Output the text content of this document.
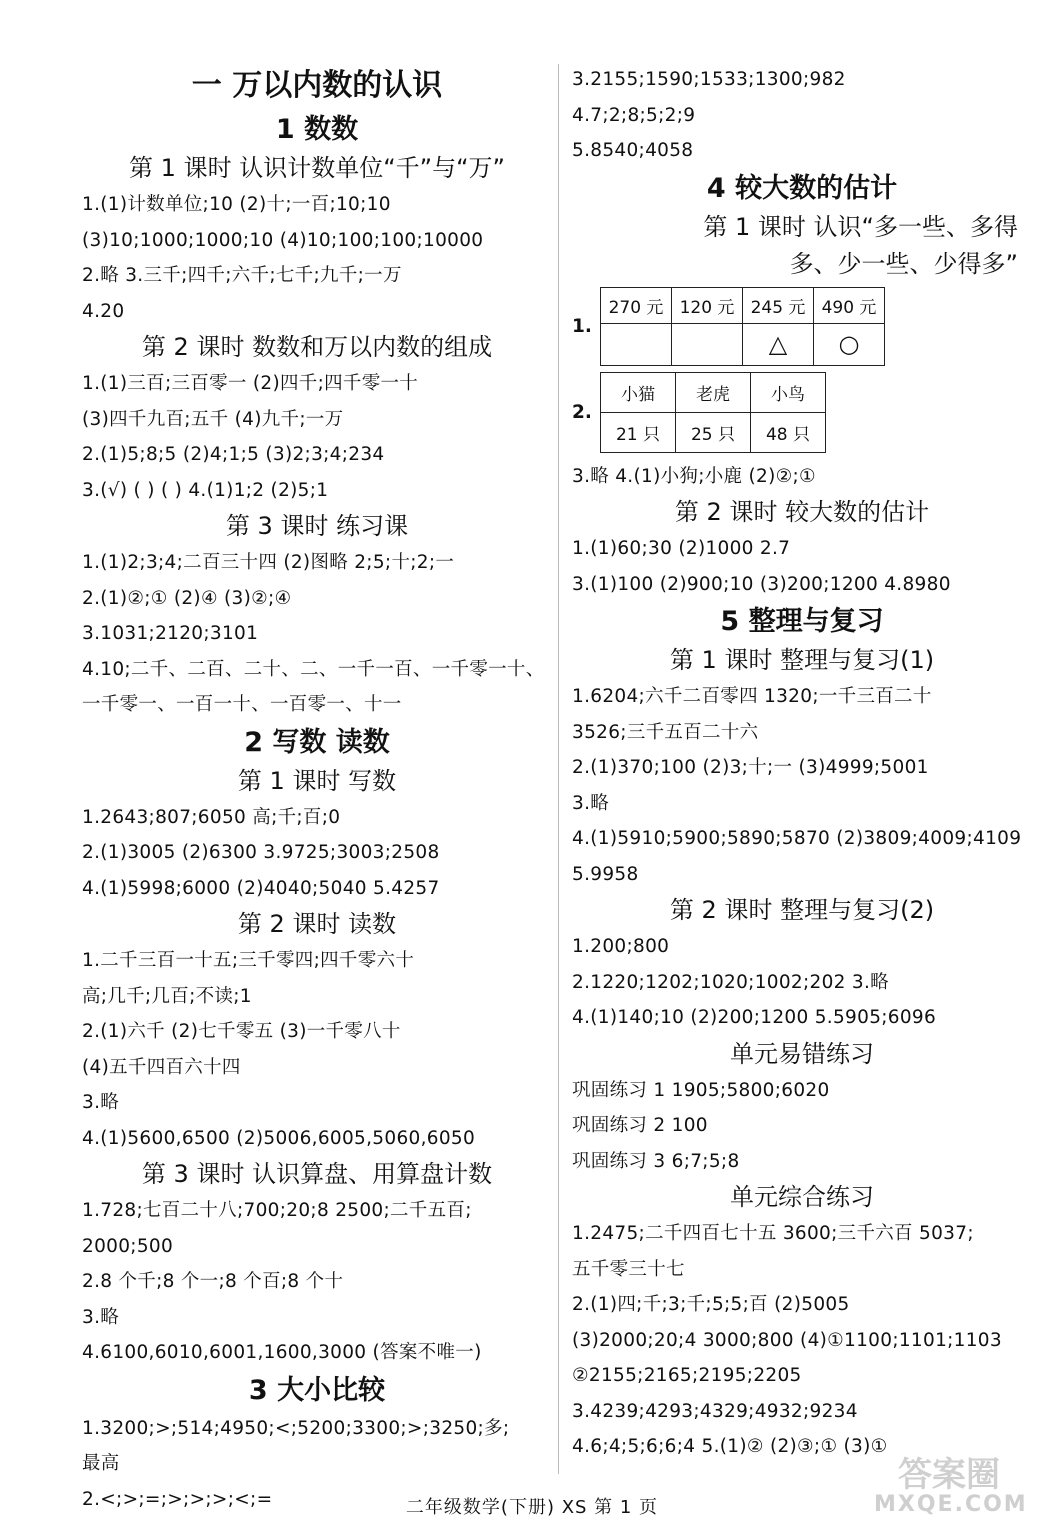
一 万以内数的认识
1 数数
第 1 课时 认识计数单位“千”与“万”
1.(1)计数单位;10 (2)十;一百;10;10
(3)10;1000;1000;10 (4)10;100;100;10000
2.略 3.三千;四千;六千;七千;九千;一万
4.20
第 2 课时 数数和万以内数的组成
1.(1)三百;三百零一 (2)四千;四千零一十
(3)四千九百;五千 (4)九千;一万
2.(1)5;8;5 (2)4;1;5 (3)2;3;4;234
3.(√) ( ) ( ) 4.(1)1;2 (2)5;1
第 3 课时 练习课
1.(1)2;3;4;二百三十四 (2)图略 2;5;十;2;一
2.(1)②;① (2)④ (3)②;④
3.1031;2120;3101
4.10;二千、二百、二十、二、一千一百、一千零一十、
一千零一、一百一十、一百零一、十一
2 写数 读数
第 1 课时 写数
1.2643;807;6050 高;千;百;0
2.(1)3005 (2)6300 3.9725;3003;2508
4.(1)5998;6000 (2)4040;5040 5.4257
第 2 课时 读数
1.二千三百一十五;三千零四;四千零六十
高;几千;几百;不读;1
2.(1)六千 (2)七千零五 (3)一千零八十
(4)五千四百六十四
3.略
4.(1)5600,6500 (2)5006,6005,5060,6050
第 3 课时 认识算盘、用算盘计数
1.728;七百二十八;700;20;8 2500;二千五百;
2000;500
2.8 个千;8 个一;8 个百;8 个十
3.略
4.6100,6010,6001,1600,3000 (答案不唯一)
3 大小比较
1.3200;>;514;4950;<;5200;3300;>;3250;多;
最高
2.<;>;=;>;>;>;<;=
3.2155;1590;1533;1300;982
4.7;2;8;5;2;9
5.8540;4058
4 较大数的估计
第 1 课时 认识“多一些、多得
多、少一些、少得多”
1.
270 元	120 元	245 元	490 元
		△	○
2.
小猫	老虎	小鸟
21 只	25 只	48 只
3.略 4.(1)小狗;小鹿 (2)②;①
第 2 课时 较大数的估计
1.(1)60;30 (2)1000 2.7
3.(1)100 (2)900;10 (3)200;1200 4.8980
5 整理与复习
第 1 课时 整理与复习(1)
1.6204;六千二百零四 1320;一千三百二十
3526;三千五百二十六
2.(1)370;100 (2)3;十;一 (3)4999;5001
3.略
4.(1)5910;5900;5890;5870 (2)3809;4009;4109
5.9958
第 2 课时 整理与复习(2)
1.200;800
2.1220;1202;1020;1002;202 3.略
4.(1)140;10 (2)200;1200 5.5905;6096
单元易错练习
巩固练习 1 1905;5800;6020
巩固练习 2 100
巩固练习 3 6;7;5;8
单元综合练习
1.2475;二千四百七十五 3600;三千六百 5037;
五千零三十七
2.(1)四;千;3;千;5;5;百 (2)5005
(3)2000;20;4 3000;800 (4)①1100;1101;1103
②2155;2165;2195;2205
3.4239;4293;4329;4932;9234
4.6;4;5;6;6;4 5.(1)② (2)③;① (3)①
二年级数学(下册) XS 第 1 页
答案圈
MXQE.COM
